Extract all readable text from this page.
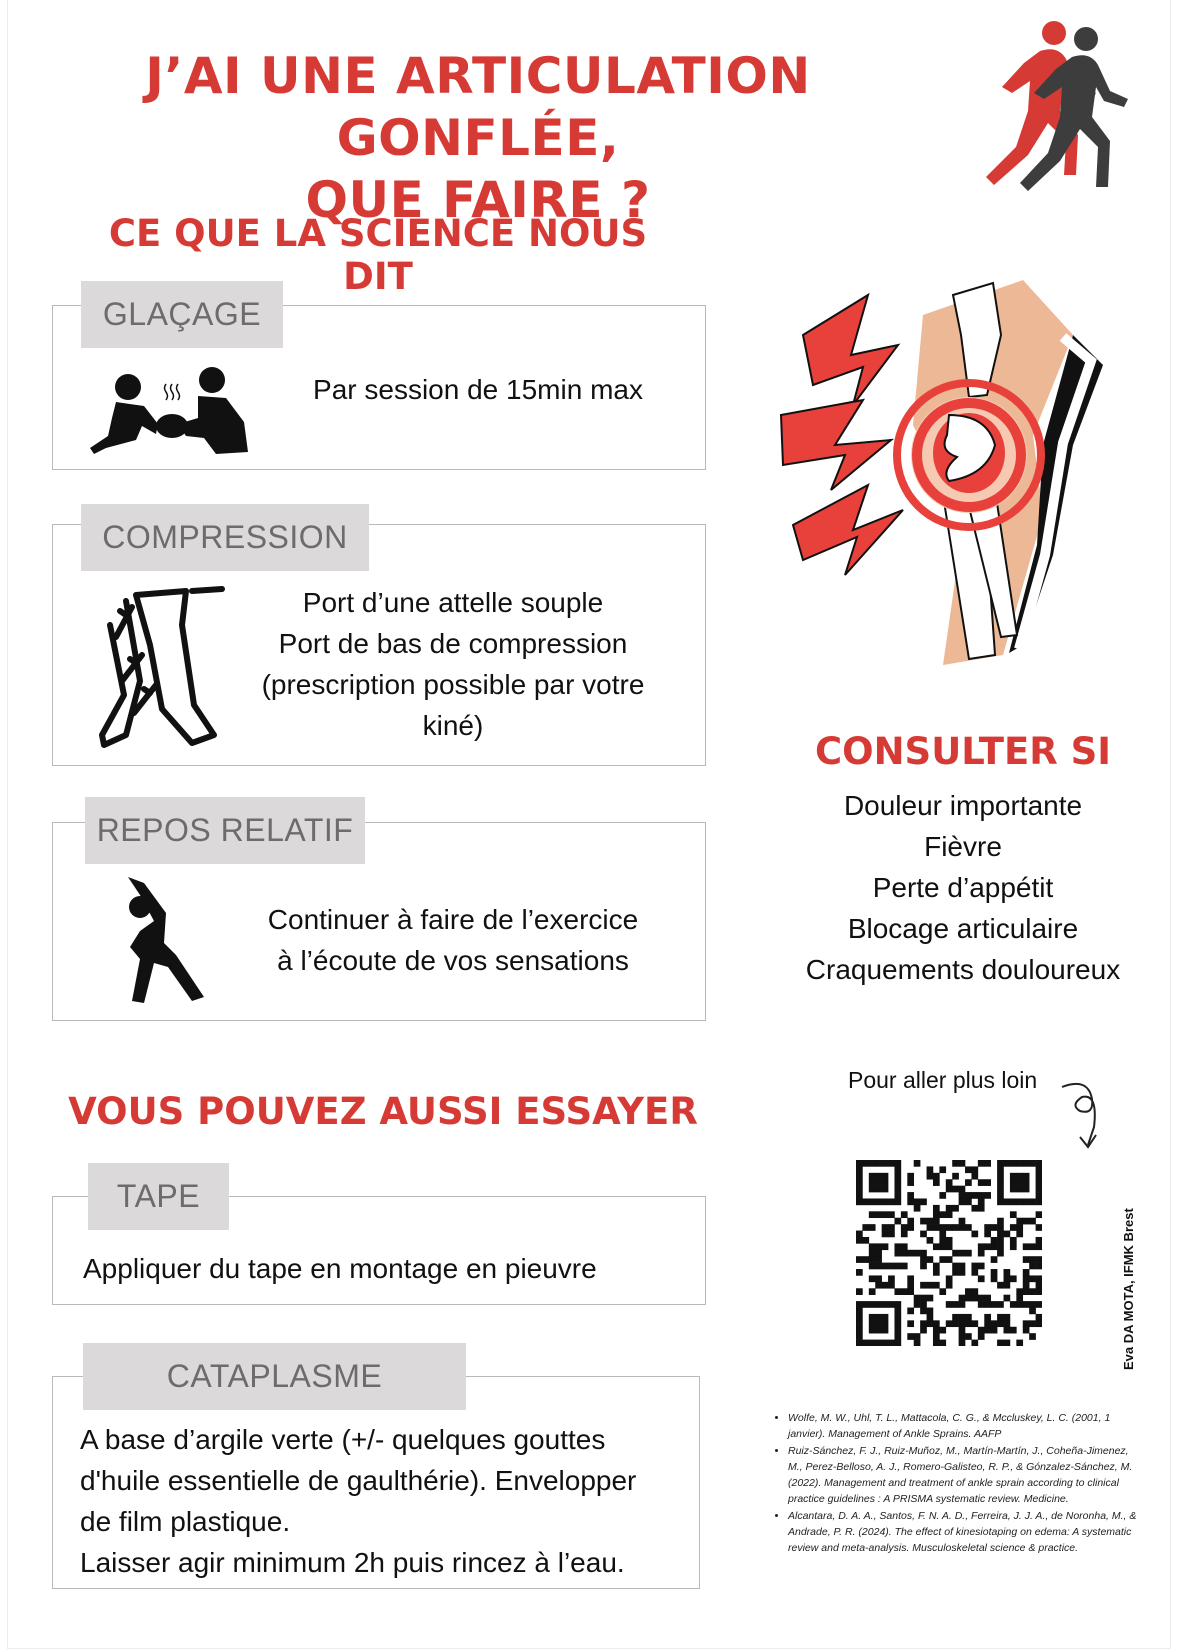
J’AI UNE ARTICULATION GONFLÉE,
QUE FAIRE ?
CE QUE LA SCIENCE NOUS DIT
GLAÇAGE
Par session de 15min max
COMPRESSION
Port d’une attelle souple
Port de bas de compression
(prescription possible par votre
kiné)
REPOS RELATIF
Continuer à faire de l’exercice
à l’écoute de vos sensations
VOUS POUVEZ AUSSI ESSAYER
TAPE
Appliquer du tape en montage en pieuvre
CATAPLASME
A base d’argile verte (+/- quelques gouttes
d'huile essentielle de gaulthérie). Envelopper
de film plastique.
Laisser agir minimum 2h puis rincez à l’eau.
CONSULTER SI
Douleur importante
Fièvre
Perte d’appétit
Blocage articulaire
Craquements douloureux
Pour aller plus loin
Eva DA MOTA, IFMK Brest
• Wolfe, M. W., Uhl, T. L., Mattacola, C. G., & Mccluskey, L. C. (2001, 1 janvier). Management of Ankle Sprains. AAFP
• Ruiz-Sánchez, F. J., Ruiz-Muñoz, M., Martín-Martín, J., Coheña-Jimenez, M., Perez-Belloso, A. J., Romero-Galisteo, R. P., & Gónzalez-Sánchez, M. (2022). Management and treatment of ankle sprain according to clinical practice guidelines : A PRISMA systematic review. Medicine.
• Alcantara, D. A. A., Santos, F. N. A. D., Ferreira, J. J. A., de Noronha, M., & Andrade, P. R. (2024). The effect of kinesiotaping on edema: A systematic review and meta-analysis. Musculoskeletal science & practice.
